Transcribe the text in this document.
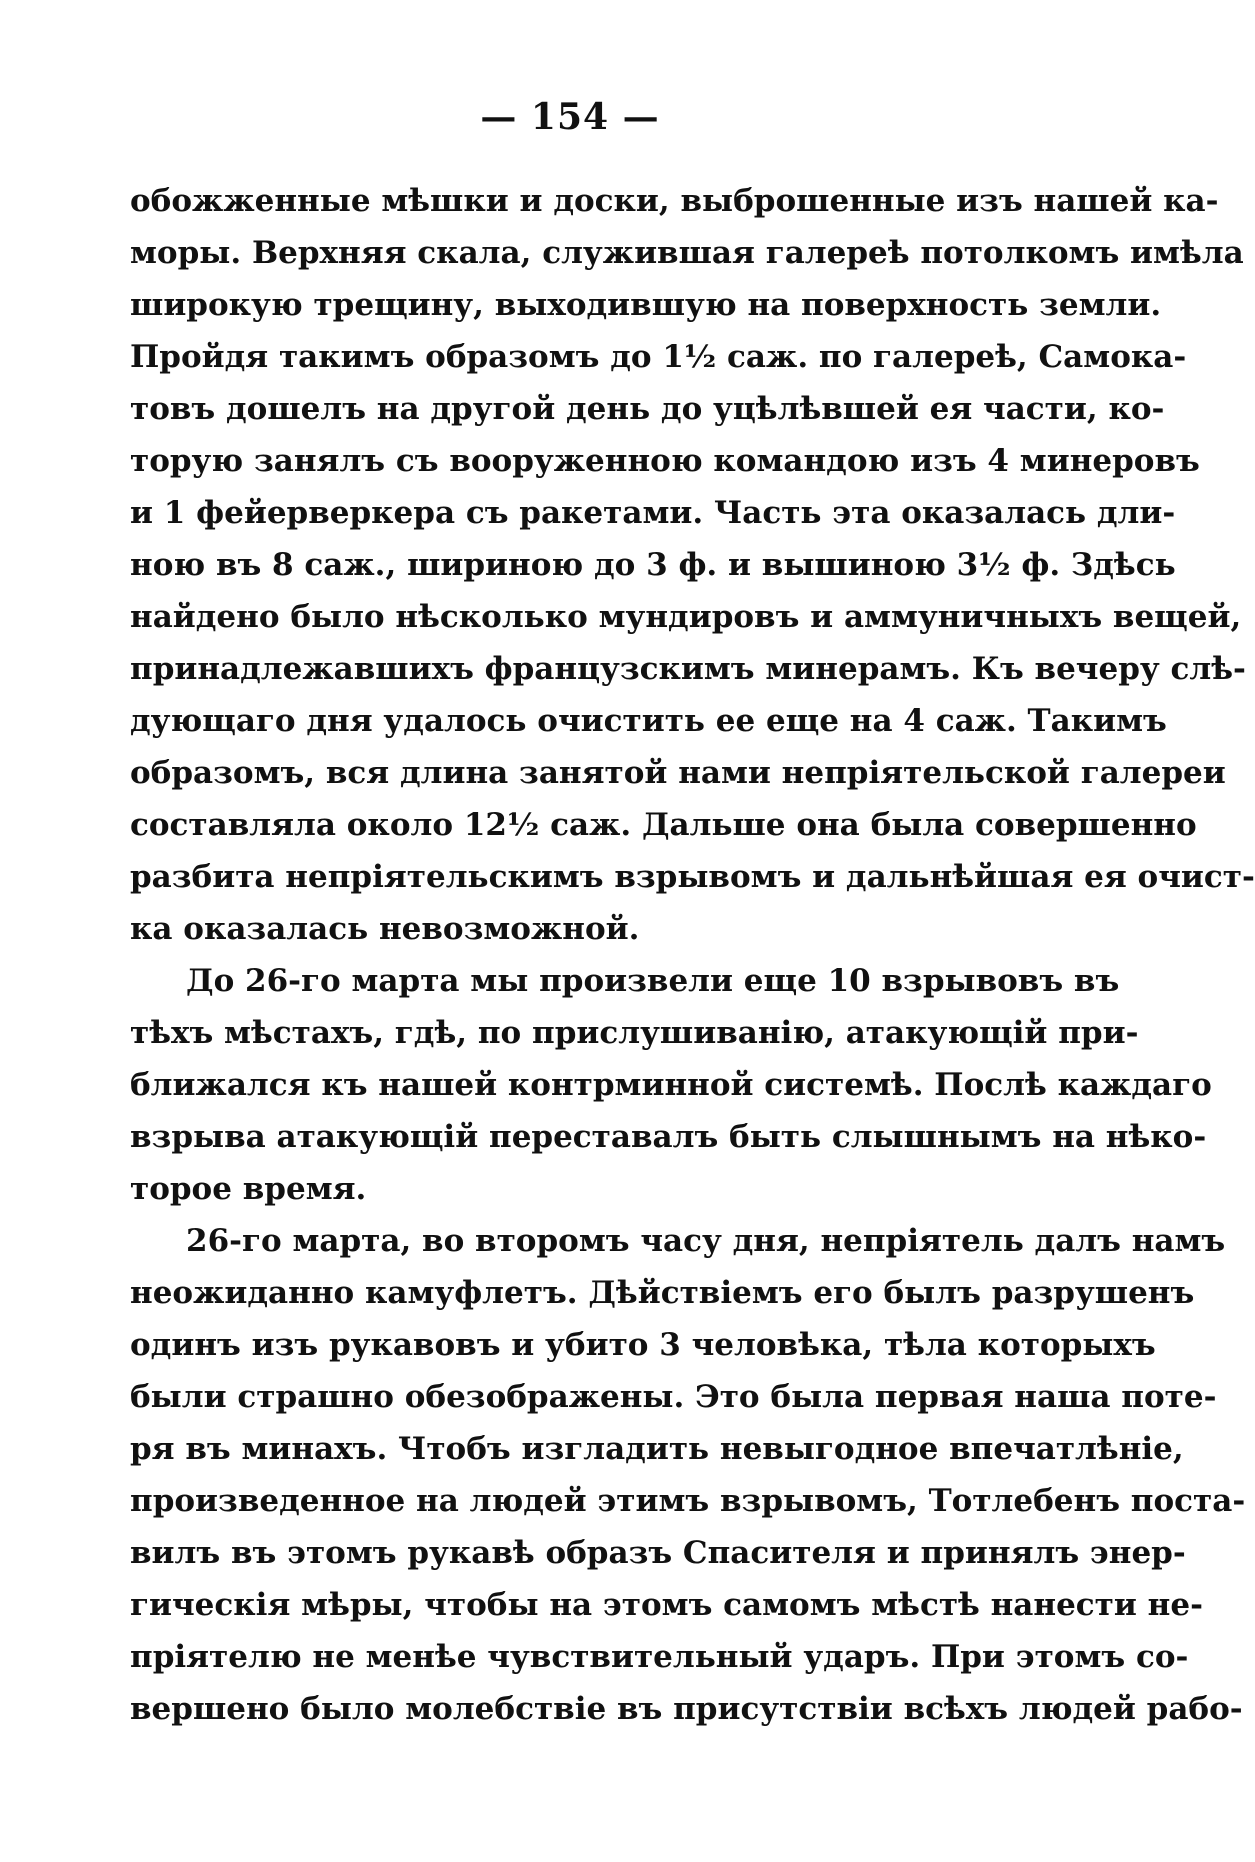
— 154 —
обожженные мѣшки и доски, выброшенные изъ нашей ка-
моры. Верхняя скала, служившая галереѣ потолкомъ имѣла
широкую трещину, выходившую на поверхность земли.
Пройдя такимъ образомъ до 1½ саж. по галереѣ, Самока-
товъ дошелъ на другой день до уцѣлѣвшей ея части, ко-
торую занялъ съ вооруженною командою изъ 4 минеровъ
и 1 фейерверкера съ ракетами. Часть эта оказалась дли-
ною въ 8 саж., шириною до 3 ф. и вышиною 3½ ф. Здѣсь
найдено было нѣсколько мундировъ и аммуничныхъ вещей,
принадлежавшихъ французскимъ минерамъ. Къ вечеру слѣ-
дующаго дня удалось очистить ее еще на 4 саж. Такимъ
образомъ, вся длина занятой нами непріятельской галереи
составляла около 12½ саж. Дальше она была совершенно
разбита непріятельскимъ взрывомъ и дальнѣйшая ея очист-
ка оказалась невозможной.
До 26-го марта мы произвели еще 10 взрывовъ въ
тѣхъ мѣстахъ, гдѣ, по прислушиванію, атакующій при-
ближался къ нашей контрминной системѣ. Послѣ каждаго
взрыва атакующій переставалъ быть слышнымъ на нѣко-
торое время.
26-го марта, во второмъ часу дня, непріятель далъ намъ
неожиданно камуфлетъ. Дѣйствіемъ его былъ разрушенъ
одинъ изъ рукавовъ и убито 3 человѣка, тѣла которыхъ
были страшно обезображены. Это была первая наша поте-
ря въ минахъ. Чтобъ изгладить невыгодное впечатлѣніе,
произведенное на людей этимъ взрывомъ, Тотлебенъ поста-
вилъ въ этомъ рукавѣ образъ Спасителя и принялъ энер-
гическія мѣры, чтобы на этомъ самомъ мѣстѣ нанести не-
пріятелю не менѣе чувствительный ударъ. При этомъ со-
вершено было молебствіе въ присутствіи всѣхъ людей рабо-
